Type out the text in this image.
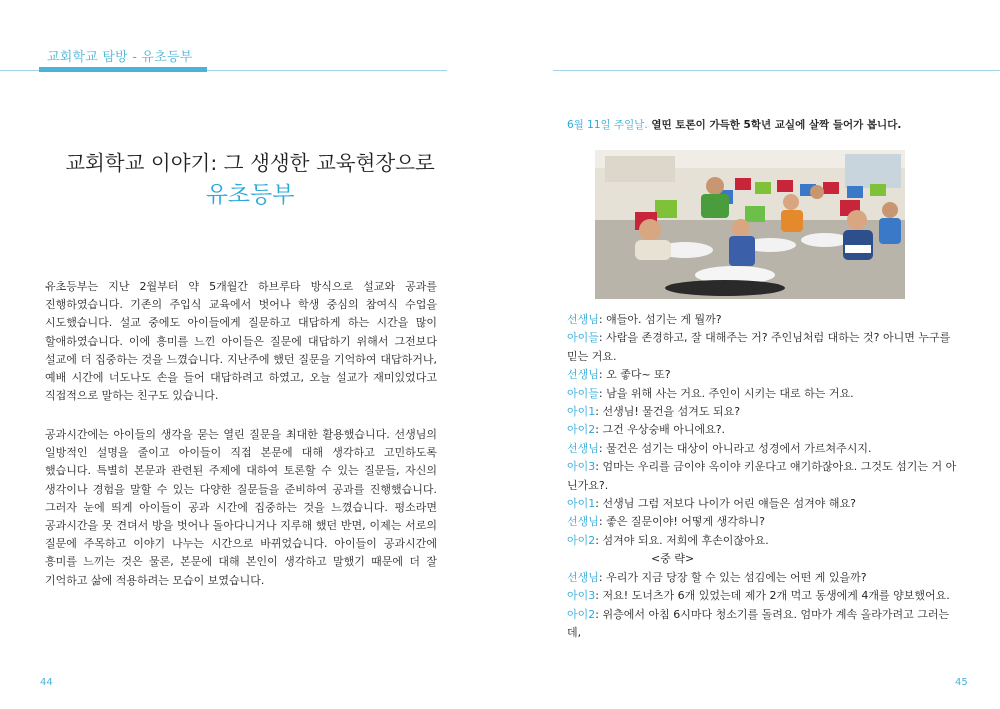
교회학교 탐방 - 유초등부
교회학교 이야기: 그 생생한 교육현장으로
유초등부
유초등부는 지난 2월부터 약 5개월간 하브루타 방식으로 설교와 공과를 진행하였습니다. 기존의 주입식 교육에서 벗어나 학생 중심의 참여식 수업을 시도했습니다. 설교 중에도 아이들에게 질문하고 대답하게 하는 시간을 많이 할애하였습니다. 이에 흥미를 느낀 아이들은 질문에 대답하기 위해서 그전보다 설교에 더 집중하는 것을 느꼈습니다. 지난주에 했던 질문을 기억하여 대답하거나, 예배 시간에 너도나도 손을 들어 대답하려고 하였고, 오늘 설교가 재미있었다고 직접적으로 말하는 친구도 있습니다.
공과시간에는 아이들의 생각을 묻는 열린 질문을 최대한 활용했습니다. 선생님의 일방적인 설명을 줄이고 아이들이 직접 본문에 대해 생각하고 고민하도록 했습니다. 특별히 본문과 관련된 주제에 대하여 토론할 수 있는 질문들, 자신의 생각이나 경험을 말할 수 있는 다양한 질문들을 준비하여 공과를 진행했습니다. 그러자 눈에 띄게 아이들이 공과 시간에 집중하는 것을 느꼈습니다. 평소라면 공과시간을 못 견뎌서 방을 벗어나 돌아다니거나 지루해 했던 반면, 이제는 서로의 질문에 주목하고 이야기 나누는 시간으로 바뀌었습니다. 아이들이 공과시간에 흥미를 느끼는 것은 물론, 본문에 대해 본인이 생각하고 말했기 때문에 더 잘 기억하고 삶에 적용하려는 모습이 보였습니다.
44
6월 11일 주일날. 열띤 토론이 가득한 5학년 교실에 살짝 들어가 봅니다.
선생님: 얘들아. 섬기는 게 뭘까?
아이들: 사람을 존경하고, 잘 대해주는 거? 주인님처럼 대하는 것? 아니면 누구를 믿는 거요.
선생님: 오 좋다~ 또?
아이들: 남을 위해 사는 거요. 주인이 시키는 대로 하는 거요.
아이1: 선생님! 물건을 섬겨도 되요?
아이2: 그건 우상숭배 아니에요?.
선생님: 물건은 섬기는 대상이 아니라고 성경에서 가르쳐주시지.
아이3: 엄마는 우리를 금이야 옥이야 키운다고 얘기하잖아요. 그것도 섬기는 거 아닌가요?.
아이1: 선생님 그럼 저보다 나이가 어린 얘들은 섬겨야 해요?
선생님: 좋은 질문이야! 어떻게 생각하니?
아이2: 섬겨야 되요. 저희에 후손이잖아요.
<중 략>
선생님: 우리가 지금 당장 할 수 있는 섬김에는 어떤 게 있을까?
아이3: 저요! 도너츠가 6개 있었는데 제가 2개 먹고 동생에게 4개를 양보했어요.
아이2: 위층에서 아침 6시마다 청소기를 돌려요. 엄마가 계속 올라가려고 그러는데,
45
